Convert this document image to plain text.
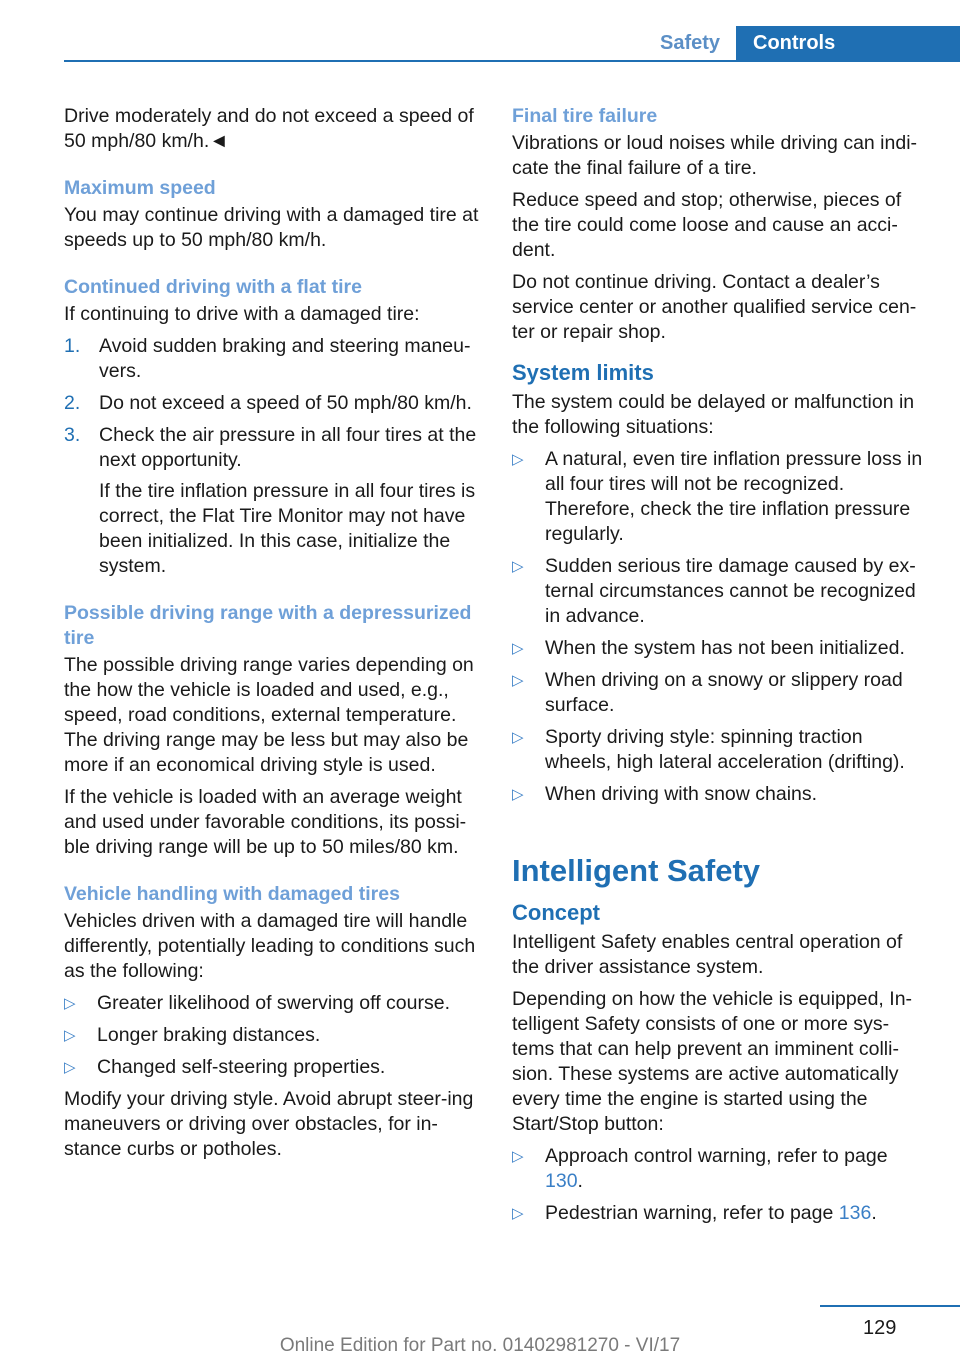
Safety	Controls

Drive moderately and do not exceed a speed of 50 mph/80 km/h.◄

Maximum speed

You may continue driving with a damaged tire at speeds up to 50 mph/80 km/h.

Continued driving with a flat tire

If continuing to drive with a damaged tire:

1. Avoid sudden braking and steering maneu‐vers.
2. Do not exceed a speed of 50 mph/80 km/h.
3. Check the air pressure in all four tires at the next opportunity.
If the tire inflation pressure in all four tires is correct, the Flat Tire Monitor may not have been initialized. In this case, initialize the system.
Possible driving range with a depressurized tire

The possible driving range varies depending on the how the vehicle is loaded and used, e.g., speed, road conditions, external temperature. The driving range may be less but may also be more if an economical driving style is used.

If the vehicle is loaded with an average weight and used under favorable conditions, its possi‐ble driving range will be up to 50 miles/80 km.

Vehicle handling with damaged tires

Vehicles driven with a damaged tire will handle differently, potentially leading to conditions such as the following:

▷	Greater likelihood of swerving off course.
▷	Longer braking distances.
▷	Changed self-steering properties.

Modify your driving style. Avoid abrupt steer‐ing maneuvers or driving over obstacles, for in‐stance curbs or potholes.

Final tire failure

Vibrations or loud noises while driving can indi‐cate the final failure of a tire.

Reduce speed and stop; otherwise, pieces of the tire could come loose and cause an acci‐dent.

Do not continue driving. Contact a dealer’s service center or another qualified service cen‐ter or repair shop.

System limits

The system could be delayed or malfunction in the following situations:

▷	A natural, even tire inflation pressure loss in all four tires will not be recognized. Therefore, check the tire inflation pressure regularly.
▷	Sudden serious tire damage caused by ex‐ternal circumstances cannot be recognized in advance.
▷	When the system has not been initialized.
▷	When driving on a snowy or slippery road surface.
▷	Sporty driving style: spinning traction wheels, high lateral acceleration (drifting).
▷	When driving with snow chains.
Intelligent Safety
Concept

Intelligent Safety enables central operation of the driver assistance system.

Depending on how the vehicle is equipped, In‐telligent Safety consists of one or more sys‐tems that can help prevent an imminent colli‐sion. These systems are active automatically every time the engine is started using the Start/Stop button:

▷	Approach control warning, refer to page 130.
▷	Pedestrian warning, refer to page 136.
129
Online Edition for Part no. 01402981270 - VI/17
